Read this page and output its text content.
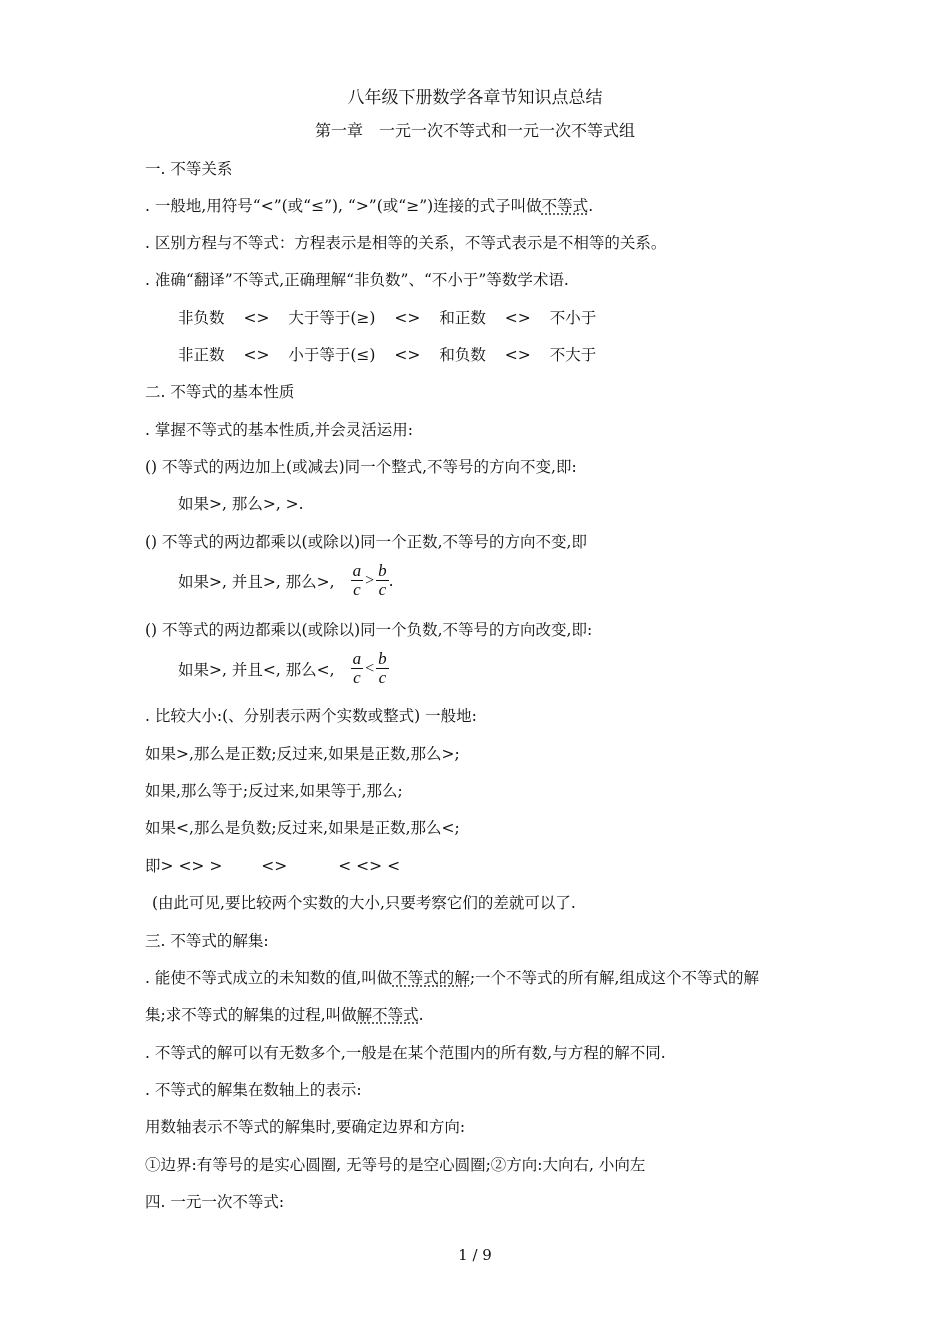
八年级下册数学各章节知识点总结
第一章　一元一次不等式和一元一次不等式组
一. 不等关系
. 一般地,用符号“<”(或“≤”), “>”(或“≥”)连接的式子叫做不等式.
. 区别方程与不等式：方程表示是相等的关系，不等式表示是不相等的关系。
. 准确“翻译”不等式,正确理解“非负数”、“不小于”等数学术语.
非负数 <> 大于等于(≥) <> 和正数 <> 不小于
非正数 <> 小于等于(≤) <> 和负数 <> 不大于
二. 不等式的基本性质
. 掌握不等式的基本性质,并会灵活运用:
() 不等式的两边加上(或减去)同一个整式,不等号的方向不变,即:
如果>, 那么>, >.
() 不等式的两边都乘以(或除以)同一个正数,不等号的方向不变,即
如果>, 并且>, 那么>, $\frac{a}{c} > \frac{b}{c}$ .
() 不等式的两边都乘以(或除以)同一个负数,不等号的方向改变,即:
如果>, 并且<, 那么<, $\frac{a}{c} < \frac{b}{c}$
. 比较大小:(、分别表示两个实数或整式) 一般地:
如果>,那么是正数;反过来,如果是正数,那么>;
如果,那么等于;反过来,如果等于,那么;
如果<,那么是负数;反过来,如果是正数,那么<;
即> <> >	<>	< <> <
(由此可见,要比较两个实数的大小,只要考察它们的差就可以了.
三. 不等式的解集:
. 能使不等式成立的未知数的值,叫做不等式的解;一个不等式的所有解,组成这个不等式的解
集;求不等式的解集的过程,叫做解不等式.
. 不等式的解可以有无数多个,一般是在某个范围内的所有数,与方程的解不同.
. 不等式的解集在数轴上的表示:
用数轴表示不等式的解集时,要确定边界和方向:
①边界:有等号的是实心圆圈, 无等号的是空心圆圈;②方向:大向右, 小向左
四. 一元一次不等式:
1 / 9
